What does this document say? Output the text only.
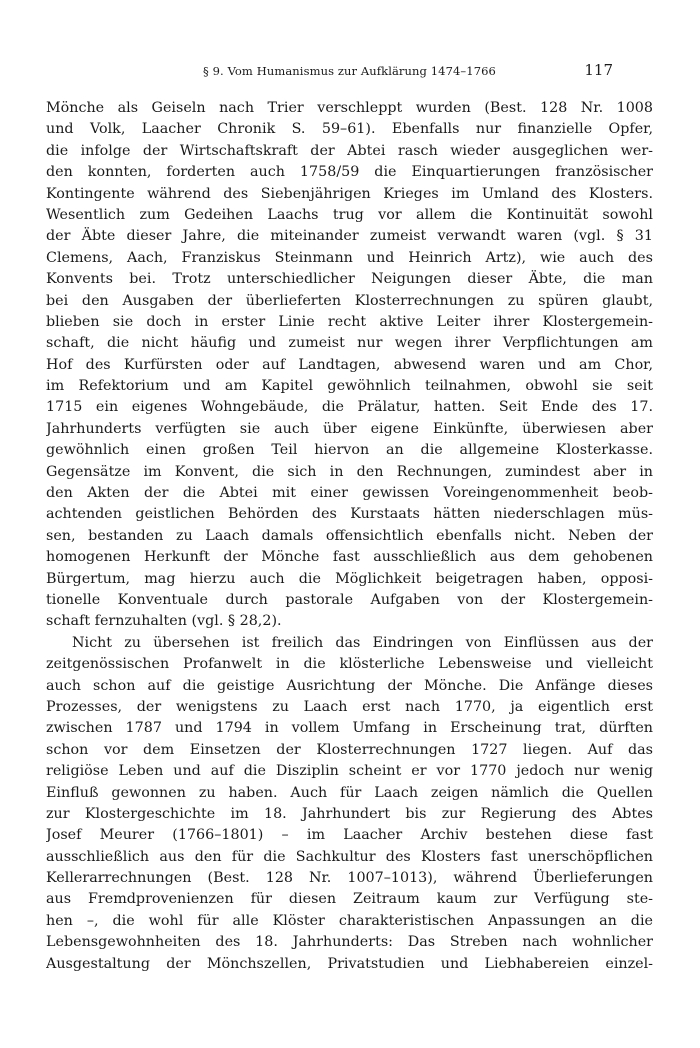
§ 9. Vom Humanismus zur Aufklärung 1474–1766	117
Mönche als Geiseln nach Trier verschleppt wurden (Best. 128 Nr. 1008
und Volk, Laacher Chronik S. 59–61). Ebenfalls nur finanzielle Opfer,
die infolge der Wirtschaftskraft der Abtei rasch wieder ausgeglichen wer-
den konnten, forderten auch 1758/59 die Einquartierungen französischer
Kontingente während des Siebenjährigen Krieges im Umland des Klosters.
Wesentlich zum Gedeihen Laachs trug vor allem die Kontinuität sowohl
der Äbte dieser Jahre, die miteinander zumeist verwandt waren (vgl. § 31
Clemens, Aach, Franziskus Steinmann und Heinrich Artz), wie auch des
Konvents bei. Trotz unterschiedlicher Neigungen dieser Äbte, die man
bei den Ausgaben der überlieferten Klosterrechnungen zu spüren glaubt,
blieben sie doch in erster Linie recht aktive Leiter ihrer Klostergemein-
schaft, die nicht häufig und zumeist nur wegen ihrer Verpflichtungen am
Hof des Kurfürsten oder auf Landtagen, abwesend waren und am Chor,
im Refektorium und am Kapitel gewöhnlich teilnahmen, obwohl sie seit
1715 ein eigenes Wohngebäude, die Prälatur, hatten. Seit Ende des 17.
Jahrhunderts verfügten sie auch über eigene Einkünfte, überwiesen aber
gewöhnlich einen großen Teil hiervon an die allgemeine Klosterkasse.
Gegensätze im Konvent, die sich in den Rechnungen, zumindest aber in
den Akten der die Abtei mit einer gewissen Voreingenommenheit beob-
achtenden geistlichen Behörden des Kurstaats hätten niederschlagen müs-
sen, bestanden zu Laach damals offensichtlich ebenfalls nicht. Neben der
homogenen Herkunft der Mönche fast ausschließlich aus dem gehobenen
Bürgertum, mag hierzu auch die Möglichkeit beigetragen haben, opposi-
tionelle Konventuale durch pastorale Aufgaben von der Klostergemein-
schaft fernzuhalten (vgl. § 28,2).
Nicht zu übersehen ist freilich das Eindringen von Einflüssen aus der
zeitgenössischen Profanwelt in die klösterliche Lebensweise und vielleicht
auch schon auf die geistige Ausrichtung der Mönche. Die Anfänge dieses
Prozesses, der wenigstens zu Laach erst nach 1770, ja eigentlich erst
zwischen 1787 und 1794 in vollem Umfang in Erscheinung trat, dürften
schon vor dem Einsetzen der Klosterrechnungen 1727 liegen. Auf das
religiöse Leben und auf die Disziplin scheint er vor 1770 jedoch nur wenig
Einfluß gewonnen zu haben. Auch für Laach zeigen nämlich die Quellen
zur Klostergeschichte im 18. Jahrhundert bis zur Regierung des Abtes
Josef Meurer (1766–1801) – im Laacher Archiv bestehen diese fast
ausschließlich aus den für die Sachkultur des Klosters fast unerschöpflichen
Kellerarrechnungen (Best. 128 Nr. 1007–1013), während Überlieferungen
aus Fremdprovenienzen für diesen Zeitraum kaum zur Verfügung ste-
hen –, die wohl für alle Klöster charakteristischen Anpassungen an die
Lebensgewohnheiten des 18. Jahrhunderts: Das Streben nach wohnlicher
Ausgestaltung der Mönchszellen, Privatstudien und Liebhabereien einzel-
